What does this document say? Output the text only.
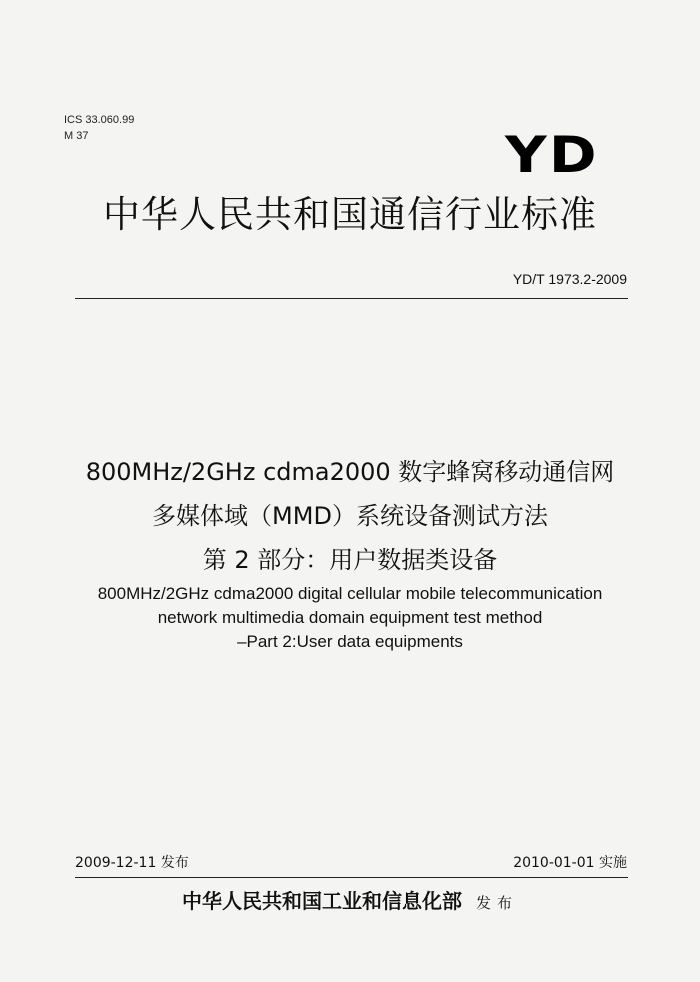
ICS 33.060.99
M 37	YD
中华人民共和国通信行业标准
YD/T 1973.2-2009
800MHz/2GHz cdma2000 数字蜂窝移动通信网
多媒体域（MMD）系统设备测试方法
第 2 部分：用户数据类设备
800MHz/2GHz cdma2000 digital cellular mobile telecommunication
network multimedia domain equipment test method
–Part 2:User data equipments
2009-12-11 发布	2010-01-01 实施
中华人民共和国工业和信息化部 发布
